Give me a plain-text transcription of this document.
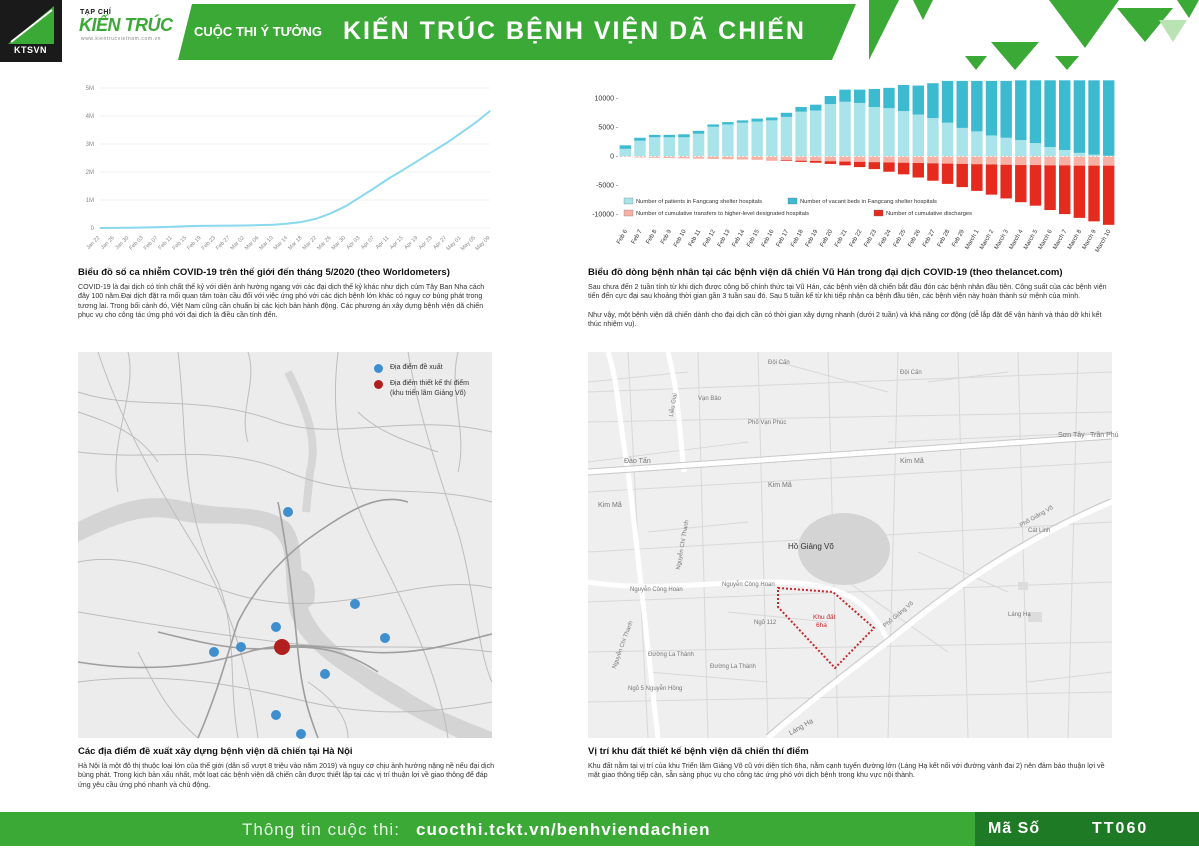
KTSVN
TẠP CHÍ
KIẾN TRÚC
www.kientrucvietnam.com.vn	CUỘC THI Ý TƯỞNG KIẾN TRÚC BỆNH VIỆN DÃ CHIẾN
0
1M
2M
3M
4M
5M
Jan 22
Jan 26
Jan 30
Feb 03
Feb 07
Feb 11
Feb 15
Feb 19
Feb 23
Feb 27
Mar 02
Mar 06
Mar 10
Mar 14
Mar 18
Mar 22
Mar 26
Mar 30
Apr 03
Apr 07 Apr 11
Apr 15
Apr 19
Apr 23
Apr 27
May 01
May 05
May 09
Biểu đồ số ca nhiễm COVID-19 trên thế giới đến tháng 5/2020 (theo Worldometers)
COVID-19 là đại dịch có tính chất thế kỷ với diện ảnh hưởng ngang với các đại dịch thế kỷ khác như dịch cúm Tây Ban Nha cách đây 100 năm.Đại dịch đặt ra mối quan tâm toàn cầu đối với việc ứng phó với các dịch bệnh lớn khác có nguy cơ bùng phát trong tương lai. Trong bối cảnh đó, Việt Nam cũng cần chuẩn bị các kịch bản hành động. Các phương án xây dựng bệnh viện dã chiến phục vụ cho công tác ứng phó với đại dịch là điều cần tính đến.
10000
5000
0
-5000
-10000
Feb 6 Feb 7 Feb 8 Feb 9 Feb 10 Feb 11 Feb 12 Feb 13 Feb 14 Feb 15 Feb 16 Feb 17 Feb 18 Feb 19 Feb 20 Feb 21 Feb 22 Feb 23 Feb 24 Feb 25 Feb 26 Feb 27 Feb 28 Feb 29
March 1
March 2
March 3
March 4
March 5
March 6
March 7
March 8
March 9
March 10
Number of patients in Fangcang shelter hospitals	Number of vacant beds in Fangcang shelter hospitals
Number of cumulative transfers to higher-level designated hospitals	Number of cumulative discharges
Biểu đồ dòng bệnh nhân tại các bệnh viện dã chiến Vũ Hán trong đại dịch COVID-19 (theo thelancet.com)
Sau chưa đến 2 tuần tính từ khi dịch được công bố chính thức tại Vũ Hán, các bệnh viện dã chiến bắt đầu đón các bệnh nhân đầu tiên. Công suất của các bệnh viện tiến đến cực đại sau khoảng thời gian gần 3 tuần sau đó. Sau 5 tuần kể từ khi tiếp nhận ca bệnh đầu tiên, các bệnh viện này hoàn thành sứ mệnh của mình.
Như vậy, một bệnh viện dã chiến dành cho đại dịch cần có thời gian xây dựng nhanh (dưới 2 tuần) và khả năng cơ động (dễ lắp đặt để vận hành và tháo dỡ khi kết thúc nhiệm vụ).
Địa điểm đề xuất
Địa điểm thiết kế thí điểm
(khu triển lãm Giảng Võ)
Các địa điểm đề xuất xây dựng bệnh viện dã chiến tại Hà Nội
Hà Nội là một đô thị thuộc loại lớn của thế giới (dân số vượt 8 triệu vào năm 2019) và nguy cơ chịu ảnh hưởng nặng nề nếu đại dịch bùng phát. Trong kịch bản xấu nhất, một loạt các bệnh viện dã chiến cần được thiết lập tại các vị trí thuận lợi về giao thông để đáp ứng yêu cầu ứng phó nhanh và chủ động.
Hồ Giảng Võ
Khu đất
6ha
Kim Mã
Kim Mã
Kim Mã
Đào Tấn
Sơn Tây Trần Phú
Láng Hạ
Phố Giảng Võ
Phố Giảng Võ
Nguyễn Chí Thanh
Nguyễn Chí Thanh
Nguyễn Công Hoan
Nguyễn Công Hoan
Liễu Giai
Đội Cấn
Đội Cấn
Vạn Bảo
Phố Vạn Phúc
Cát Linh
Láng Hạ
Ngõ 112
Đường La Thành
Đường La Thành
Ngõ 5 Nguyễn Hồng
Vị trí khu đất thiết kế bệnh viện dã chiến thí điểm
Khu đất nằm tại vị trí của khu Triển lãm Giảng Võ cũ với diện tích 6ha, nằm cạnh tuyến đường lớn (Láng Hạ kết nối với đường vành đai 2) nên đảm bảo thuận lợi về mặt giao thông tiếp cận, sẵn sàng phục vụ cho công tác ứng phó với dịch bệnh trong khu vực nội thành.
Thông tin cuộc thi: cuocthi.tckt.vn/benhviendachien	Mã Số	TT060
